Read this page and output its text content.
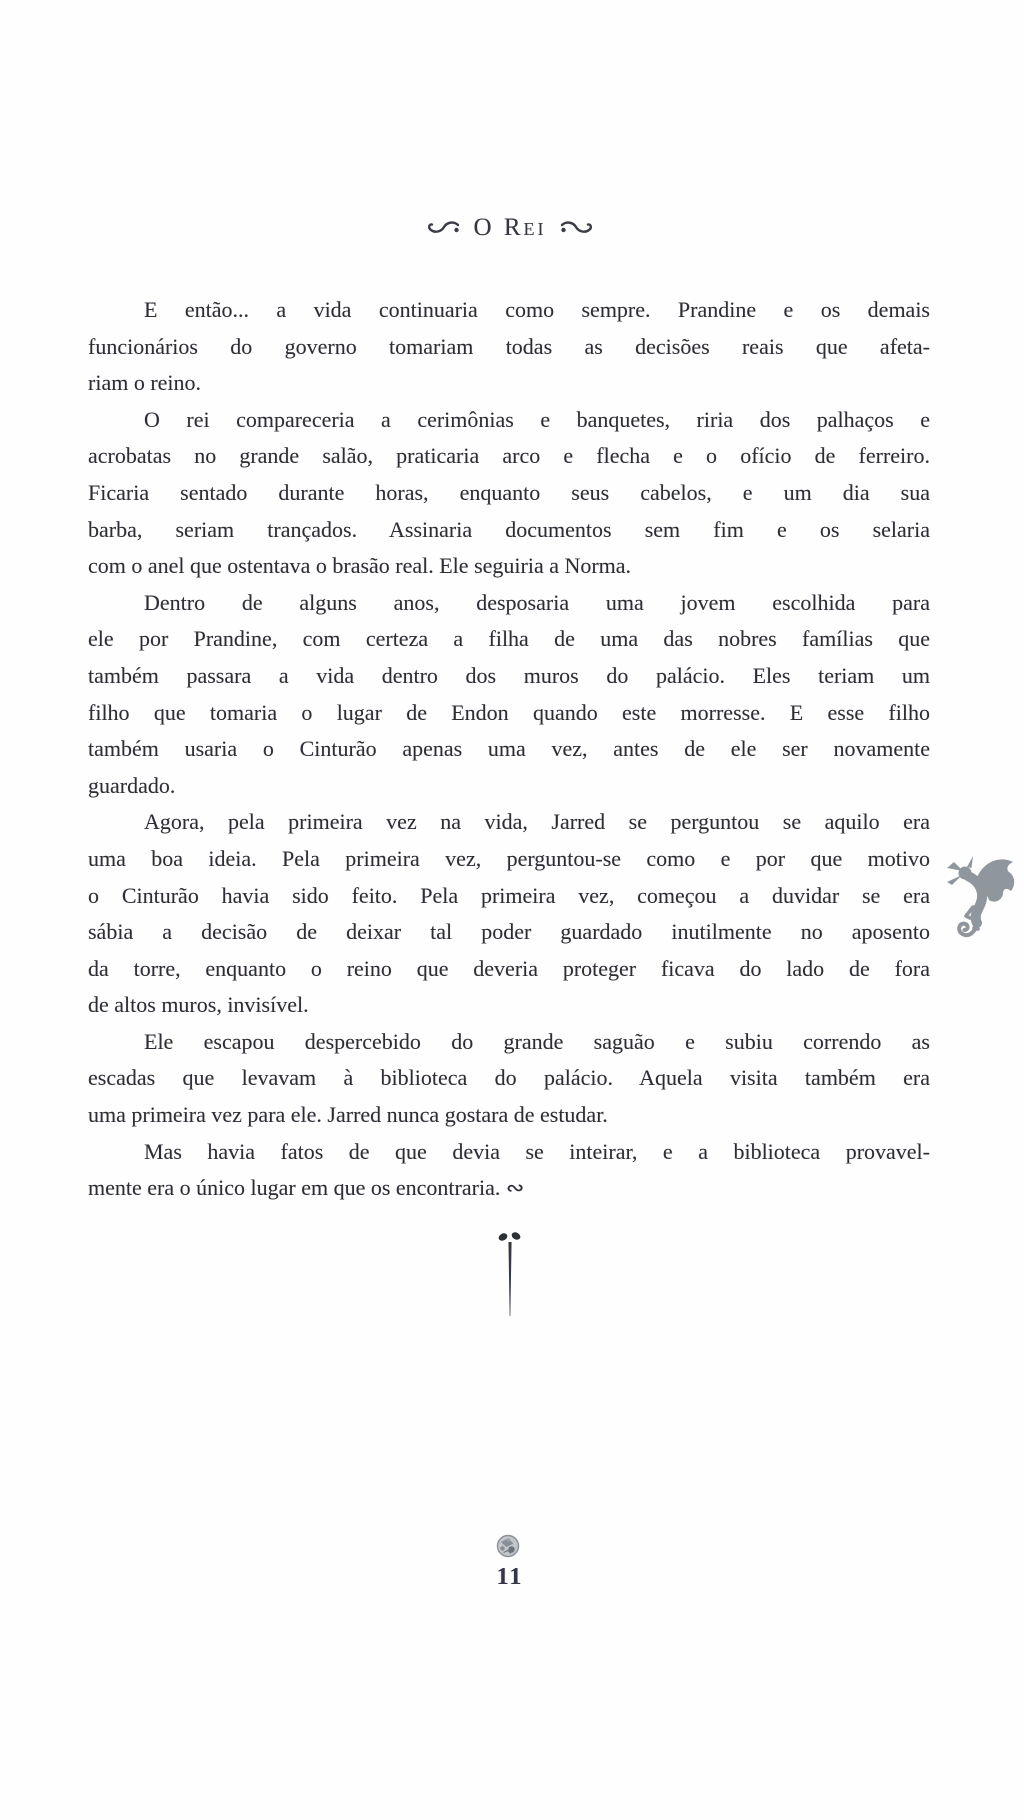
O Rei

E então... a vida continuaria como sempre. Prandine e os demais
funcionários do governo tomariam todas as decisões reais que afeta-
riam o reino.

O rei compareceria a cerimônias e banquetes, riria dos palhaços e
acrobatas no grande salão, praticaria arco e flecha e o ofício de ferreiro.
Ficaria sentado durante horas, enquanto seus cabelos, e um dia sua
barba, seriam trançados. Assinaria documentos sem fim e os selaria
com o anel que ostentava o brasão real. Ele seguiria a Norma.

Dentro de alguns anos, desposaria uma jovem escolhida para
ele por Prandine, com certeza a filha de uma das nobres famílias que
também passara a vida dentro dos muros do palácio. Eles teriam um
filho que tomaria o lugar de Endon quando este morresse. E esse filho
também usaria o Cinturão apenas uma vez, antes de ele ser novamente
guardado.

Agora, pela primeira vez na vida, Jarred se perguntou se aquilo era
uma boa ideia. Pela primeira vez, perguntou-se como e por que motivo
o Cinturão havia sido feito. Pela primeira vez, começou a duvidar se era
sábia a decisão de deixar tal poder guardado inutilmente no aposento
da torre, enquanto o reino que deveria proteger ficava do lado de fora
de altos muros, invisível.

Ele escapou despercebido do grande saguão e subiu correndo as
escadas que levavam à biblioteca do palácio. Aquela visita também era
uma primeira vez para ele. Jarred nunca gostara de estudar.

Mas havia fatos de que devia se inteirar, e a biblioteca provavel-
mente era o único lugar em que os encontraria. ∾

11
